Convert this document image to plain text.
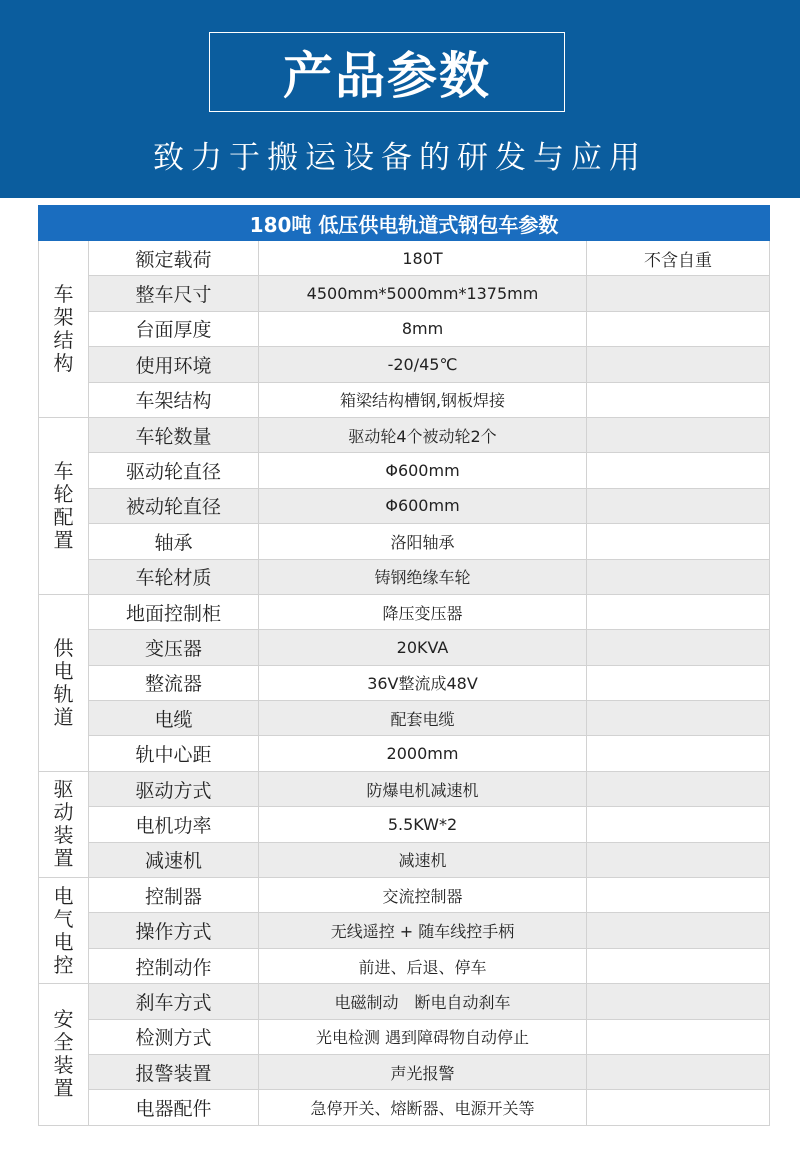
产品参数
致力于搬运设备的研发与应用
180吨 低压供电轨道式钢包车参数			
车架结构	额定载荷	180T	不含自重
	整车尺寸	4500mm*5000mm*1375mm	
	台面厚度	8mm	
	使用环境	-20/45℃	
	车架结构	箱梁结构槽钢,钢板焊接	
车轮配置	车轮数量	驱动轮4个被动轮2个	
	驱动轮直径	Φ600mm	
	被动轮直径	Φ600mm	
	轴承	洛阳轴承	
	车轮材质	铸钢绝缘车轮	
供电轨道	地面控制柜	降压变压器	
	变压器	20KVA	
	整流器	36V整流成48V	
	电缆	配套电缆	
	轨中心距	2000mm	
驱动装置	驱动方式	防爆电机减速机	
	电机功率	5.5KW*2	
	减速机	减速机	
电气电控	控制器	交流控制器	
	操作方式	无线遥控 + 随车线控手柄	
	控制动作	前进、后退、停车	
安全装置	刹车方式	电磁制动　断电自动刹车	
	检测方式	光电检测 遇到障碍物自动停止	
	报警装置	声光报警	
	电器配件	急停开关、熔断器、电源开关等	
